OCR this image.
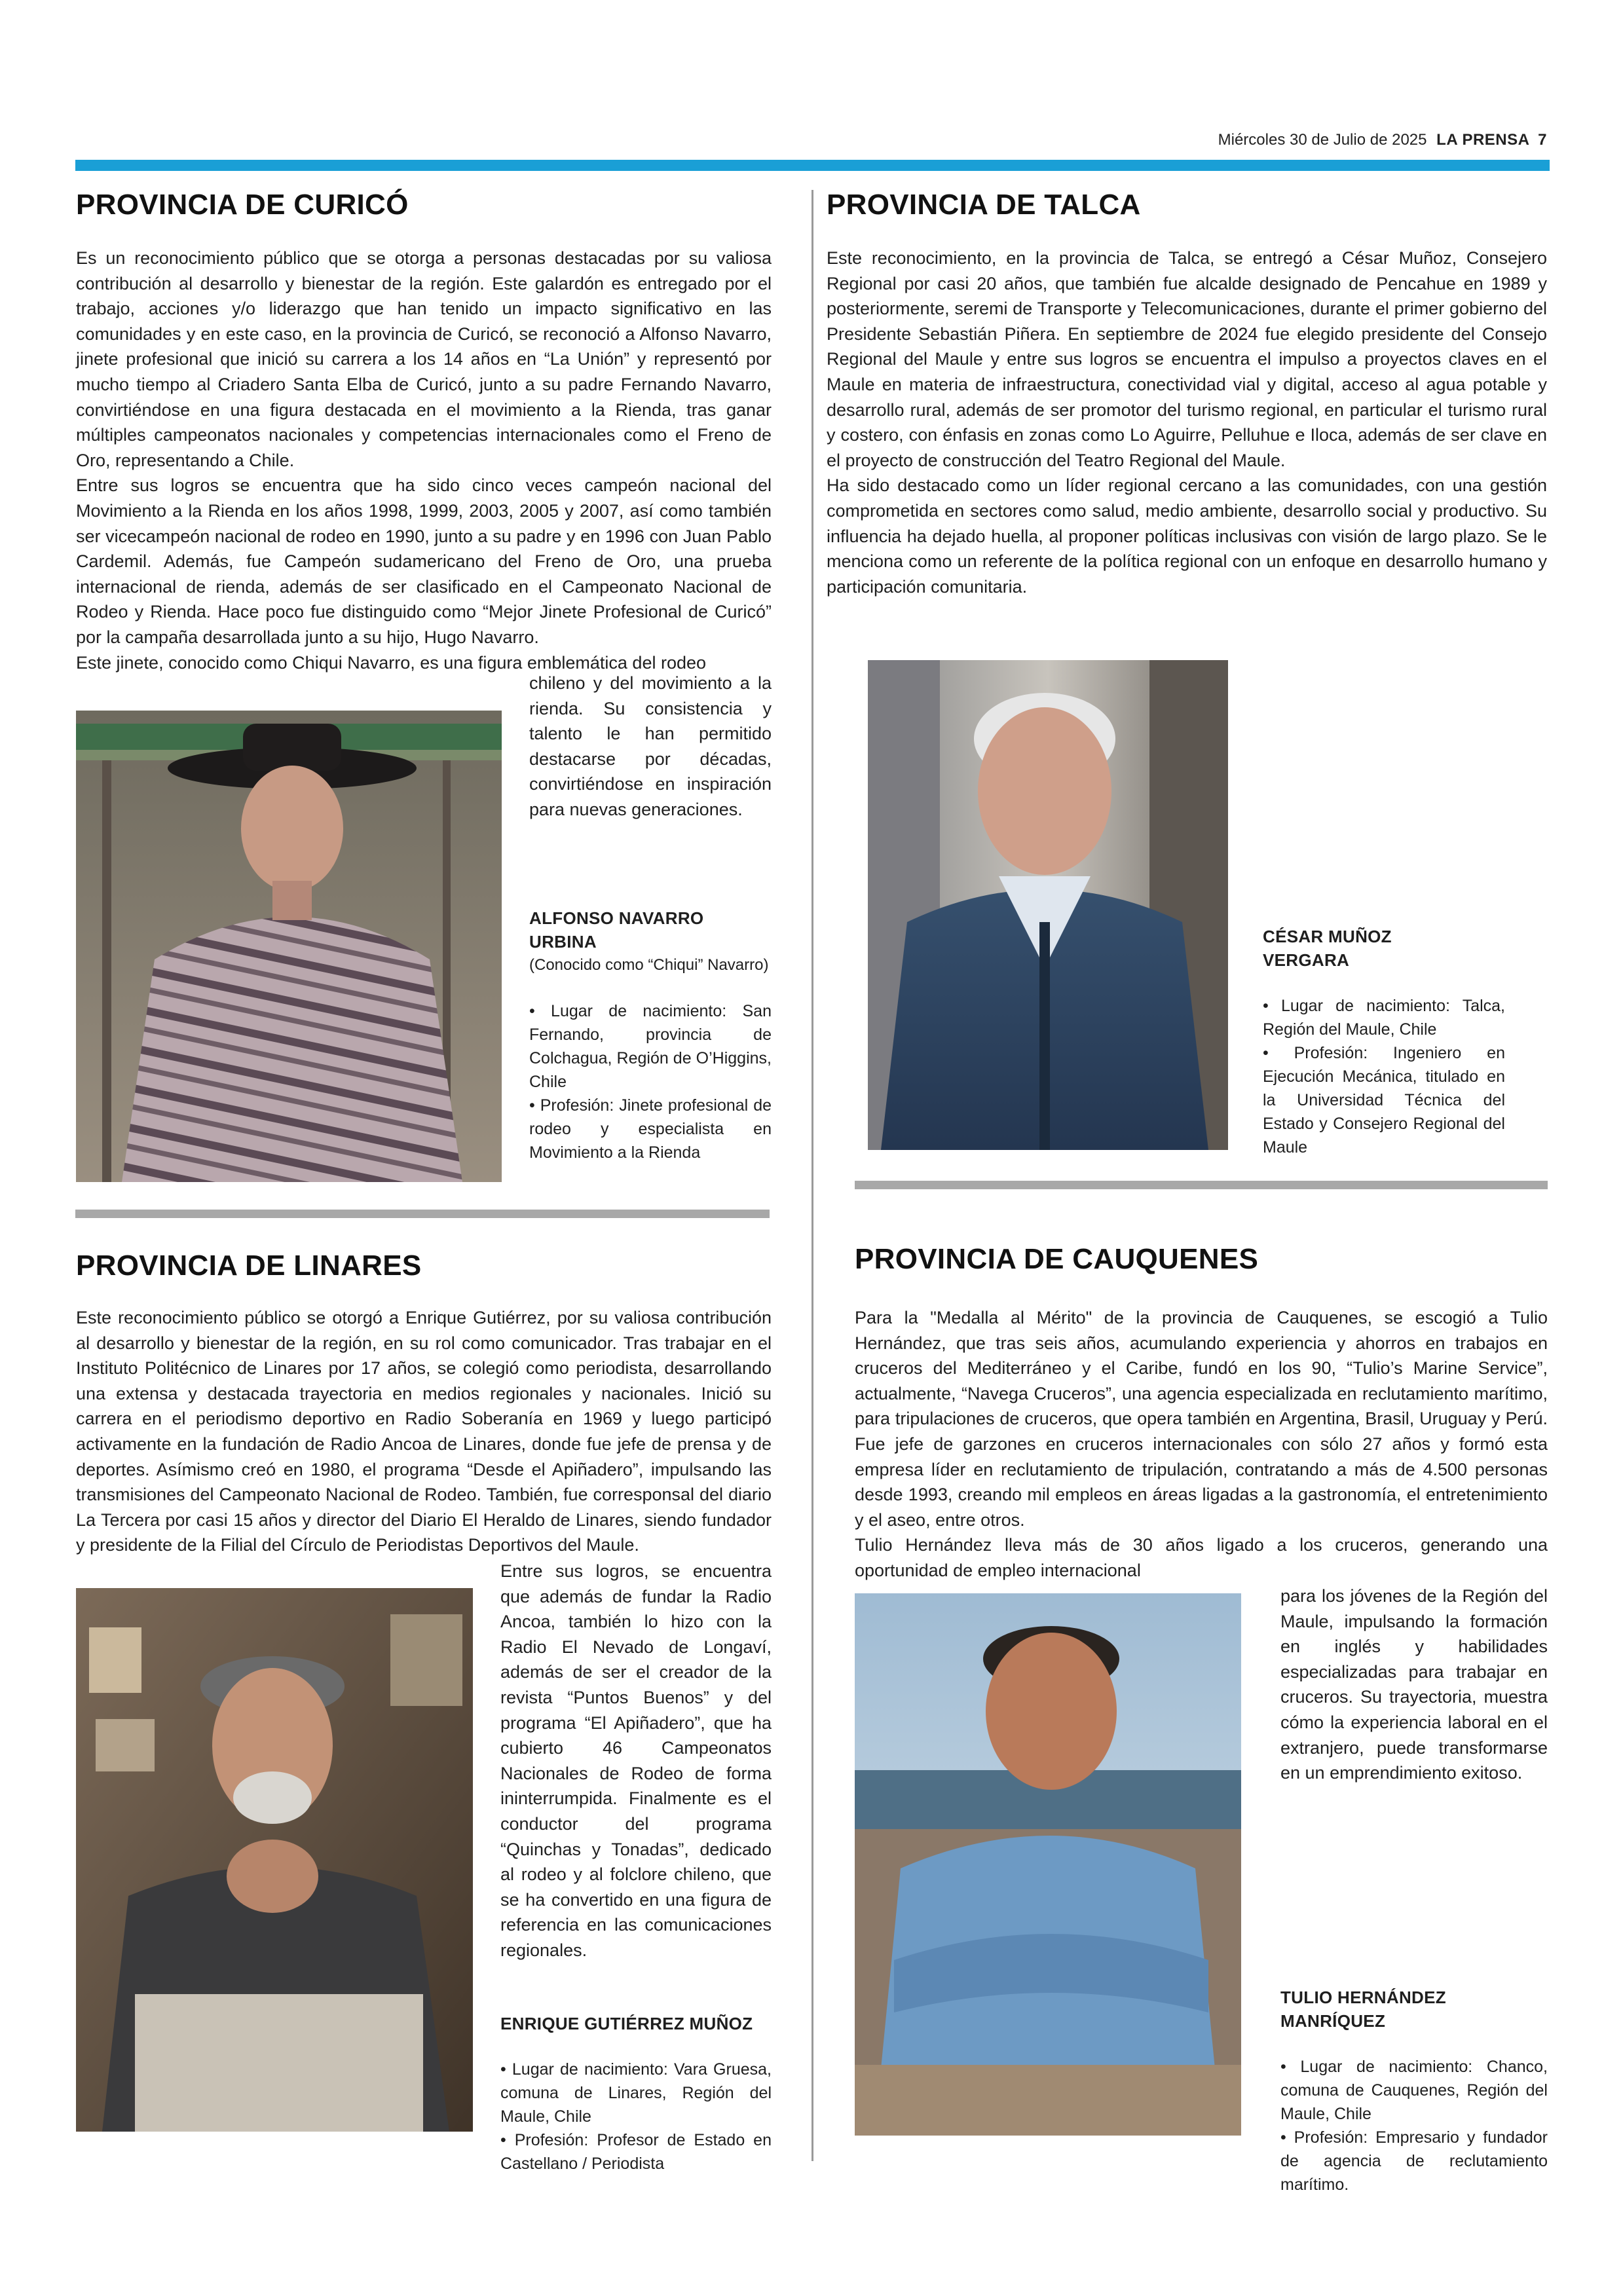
Miércoles 30 de Julio de 2025 LA PRENSA 7
PROVINCIA DE CURICÓ

Es un reconocimiento público que se otorga a personas destacadas por su valiosa contribución al desarrollo y bienestar de la región. Este galardón es entregado por el trabajo, acciones y/o liderazgo que han tenido un impacto significativo en las comunidades y en este caso, en la provincia de Curicó, se reconoció a Alfonso Navarro, jinete profesional que inició su carrera a los 14 años en “La Unión” y representó por mucho tiempo al Criadero Santa Elba de Curicó, junto a su padre Fernando Navarro, convirtiéndose en una figura destacada en el movimiento a la Rienda, tras ganar múltiples campeonatos nacionales y competencias internacionales como el Freno de Oro, representando a Chile.

Entre sus logros se encuentra que ha sido cinco veces campeón nacional del Movimiento a la Rienda en los años 1998, 1999, 2003, 2005 y 2007, así como también ser vicecampeón nacional de rodeo en 1990, junto a su padre y en 1996 con Juan Pablo Cardemil. Además, fue Campeón sudamericano del Freno de Oro, una prueba internacional de rienda, además de ser clasificado en el Campeonato Nacional de Rodeo y Rienda. Hace poco fue distinguido como “Mejor Jinete Profesional de Curicó” por la campaña desarrollada junto a su hijo, Hugo Navarro.

Este jinete, conocido como Chiqui Navarro, es una figura emblemática del rodeo

chileno y del movimiento a la rienda. Su consistencia y talento le han permitido destacarse por décadas, convirtiéndose en inspiración para nuevas generaciones.
ALFONSO NAVARRO URBINA
(Conocido como “Chiqui” Navarro)
• Lugar de nacimiento: San Fernando, provincia de Colchagua, Región de O’Higgins, Chile
• Profesión: Jinete profesional de rodeo y especialista en Movimiento a la Rienda
PROVINCIA DE TALCA

Este reconocimiento, en la provincia de Talca, se entregó a César Muñoz, Consejero Regional por casi 20 años, que también fue alcalde designado de Pencahue en 1989 y posteriormente, seremi de Transporte y Telecomunicaciones, durante el primer gobierno del Presidente Sebastián Piñera. En septiembre de 2024 fue elegido presidente del Consejo Regional del Maule y entre sus logros se encuentra el impulso a proyectos claves en el Maule en materia de infraestructura, conectividad vial y digital, acceso al agua potable y desarrollo rural, además de ser promotor del turismo regional, en particular el turismo rural y costero, con énfasis en zonas como Lo Aguirre, Pelluhue e Iloca, además de ser clave en el proyecto de construcción del Teatro Regional del Maule.

Ha sido destacado como un líder regional cercano a las comunidades, con una gestión comprometida en sectores como salud, medio ambiente, desarrollo social y productivo. Su influencia ha dejado huella, al proponer políticas inclusivas con visión de largo plazo. Se le menciona como un referente de la política regional con un enfoque en desarrollo humano y participación comunitaria.

CÉSAR MUÑOZ
VERGARA
• Lugar de nacimiento: Talca, Región del Maule, Chile
• Profesión: Ingeniero en Ejecución Mecánica, titulado en la Universidad Técnica del Estado y Consejero Regional del Maule
PROVINCIA DE LINARES
Este reconocimiento público se otorgó a Enrique Gutiérrez, por su valiosa contribución al desarrollo y bienestar de la región, en su rol como comunicador. Tras trabajar en el Instituto Politécnico de Linares por 17 años, se colegió como periodista, desarrollando una extensa y destacada trayectoria en medios regionales y nacionales. Inició su carrera en el periodismo deportivo en Radio Soberanía en 1969 y luego participó activamente en la fundación de Radio Ancoa de Linares, donde fue jefe de prensa y de deportes. Asímismo creó en 1980, el programa “Desde el Apiñadero”, impulsando las transmisiones del Campeonato Nacional de Rodeo. También, fue corresponsal del diario La Tercera por casi 15 años y director del Diario El Heraldo de Linares, siendo fundador y presidente de la Filial del Círculo de Periodistas Deportivos del Maule.
Entre sus logros, se encuentra que además de fundar la Radio Ancoa, también lo hizo con la Radio El Nevado de Longaví, además de ser el creador de la revista “Puntos Buenos” y del programa “El Apiñadero”, que ha cubierto 46 Campeonatos Nacionales de Rodeo de forma ininterrumpida. Finalmente es el conductor del programa “Quinchas y Tonadas”, dedicado al rodeo y al folclore chileno, que se ha convertido en una figura de referencia en las comunicaciones regionales.
ENRIQUE GUTIÉRREZ MUÑOZ
• Lugar de nacimiento: Vara Gruesa, comuna de Linares, Región del Maule, Chile
• Profesión: Profesor de Estado en Castellano / Periodista
PROVINCIA DE CAUQUENES

Para la "Medalla al Mérito" de la provincia de Cauquenes, se escogió a Tulio Hernández, que tras seis años, acumulando experiencia y ahorros en trabajos en cruceros del Mediterráneo y el Caribe, fundó en los 90, “Tulio’s Marine Service”, actualmente, “Navega Cruceros”, una agencia especializada en reclutamiento marítimo, para tripulaciones de cruceros, que opera también en Argentina, Brasil, Uruguay y Perú. Fue jefe de garzones en cruceros internacionales con sólo 27 años y formó esta empresa líder en reclutamiento de tripulación, contratando a más de 4.500 personas desde 1993, creando mil empleos en áreas ligadas a la gastronomía, el entretenimiento y el aseo, entre otros.

Tulio Hernández lleva más de 30 años ligado a los cruceros, generando una oportunidad de empleo internacional

para los jóvenes de la Región del Maule, impulsando la formación en inglés y habilidades especializadas para trabajar en cruceros. Su trayectoria, muestra cómo la experiencia laboral en el extranjero, puede transformarse en un emprendimiento exitoso.
TULIO HERNÁNDEZ
MANRÍQUEZ
• Lugar de nacimiento: Chanco, comuna de Cauquenes, Región del Maule, Chile
• Profesión: Empresario y fundador de agencia de reclutamiento marítimo.
